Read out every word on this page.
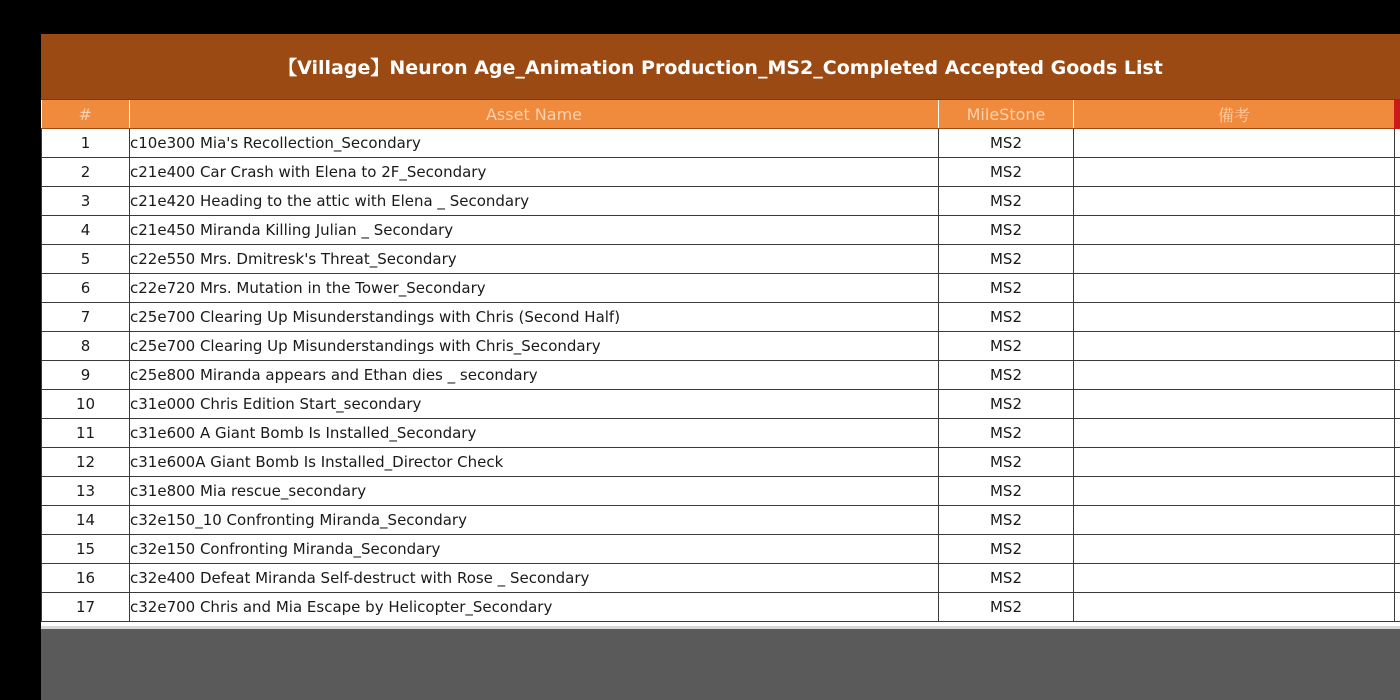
【Village】Neuron Age_Animation Production_MS2_Completed Accepted Goods List
#	Asset Name	MileStone	備考	
1	c10e300 Mia's Recollection_Secondary	MS2		
2	c21e400 Car Crash with Elena to 2F_Secondary	MS2		
3	c21e420 Heading to the attic with Elena _ Secondary	MS2		
4	c21e450 Miranda Killing Julian _ Secondary	MS2		
5	c22e550 Mrs. Dmitresk's Threat_Secondary	MS2		
6	c22e720 Mrs. Mutation in the Tower_Secondary	MS2		
7	c25e700 Clearing Up Misunderstandings with Chris (Second Half)	MS2		
8	c25e700 Clearing Up Misunderstandings with Chris_Secondary	MS2		
9	c25e800 Miranda appears and Ethan dies _ secondary	MS2		
10	c31e000 Chris Edition Start_secondary	MS2		
11	c31e600 A Giant Bomb Is Installed_Secondary	MS2		
12	c31e600A Giant Bomb Is Installed_Director Check	MS2		
13	c31e800 Mia rescue_secondary	MS2		
14	c32e150_10 Confronting Miranda_Secondary	MS2		
15	c32e150 Confronting Miranda_Secondary	MS2		
16	c32e400 Defeat Miranda Self-destruct with Rose _ Secondary	MS2		
17	c32e700 Chris and Mia Escape by Helicopter_Secondary	MS2		
